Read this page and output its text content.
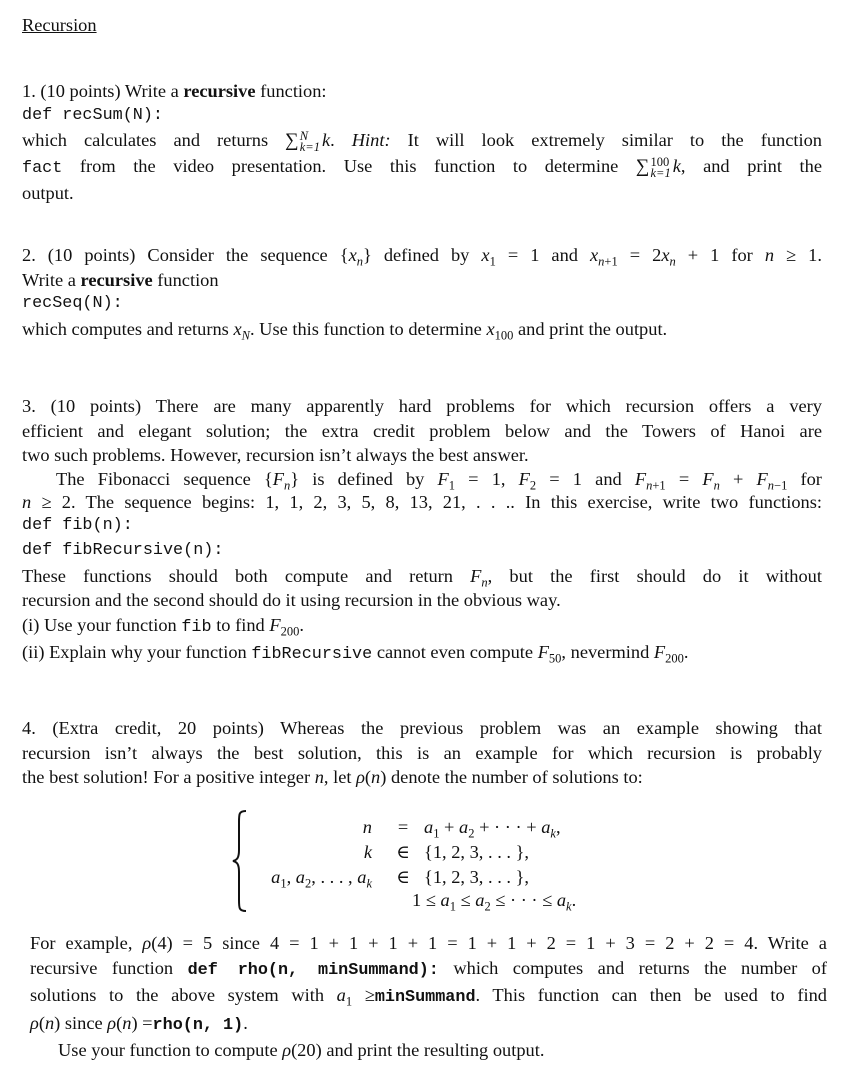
Recursion
1. (10 points) Write a recursive function:
def recSum(N):
which calculates and returns ∑N
k=1 k. Hint: It will look extremely similar to the function
fact from the video presentation. Use this function to determine ∑100
k=1 k, and print the
output.
2. (10 points) Consider the sequence $\{x_n\}$ defined by $x_1 = 1$ and $x_{n+1} = 2x_n + 1$ for n ≥ 1.
Write a recursive function
recSeq(N):
which computes and returns $x_N$. Use this function to determine $x_{100}$ and print the output.
3. (10 points) There are many apparently hard problems for which recursion offers a very
efficient and elegant solution; the extra credit problem below and the Towers of Hanoi are
two such problems. However, recursion isn’t always the best answer.
The Fibonacci sequence $\{F_n\}$ is defined by $F_1 = 1$, $F_2 = 1$ and $F_{n+1} = F_n + F_{n-1}$ for
n ≥ 2. The sequence begins: 1, 1, 2, 3, 5, 8, 13, 21, . . .. In this exercise, write two functions:
def fib(n):
def fibRecursive(n):
These functions should both compute and return $F_n$, but the first should do it without
recursion and the second should do it using recursion in the obvious way.
(i) Use your function fib to find $F_{200}$.
(ii) Explain why your function fibRecursive cannot even compute $F_{50}$, nevermind $F_{200}$.
4. (Extra credit, 20 points) Whereas the previous problem was an example showing that
recursion isn’t always the best solution, this is an example for which recursion is probably
the best solution! For a positive integer n, let ρ(n) denote the number of solutions to:
n	= $a_1 + a_2$ + · · · + $a_k$,
k ∈ {1, 2, 3, . . . },
$a_1$, $a_2$, . . . , $a_k$ ∈ {1, 2, 3, . . . },
$1 \le a_1 \le a_2$ ≤ · · · ≤ $a_k$.
For example, ρ(4) = 5 since 4 = 1 + 1 + 1 + 1 = 1 + 1 + 2 = 1 + 3 = 2 + 2 = 4. Write a
recursive function def rho(n, minSummand): which computes and returns the number of
solutions to the above system with $a_1$ ≥minSummand. This function can then be used to find
ρ(n) since ρ(n) =rho(n, 1).
Use your function to compute ρ(20) and print the resulting output.
